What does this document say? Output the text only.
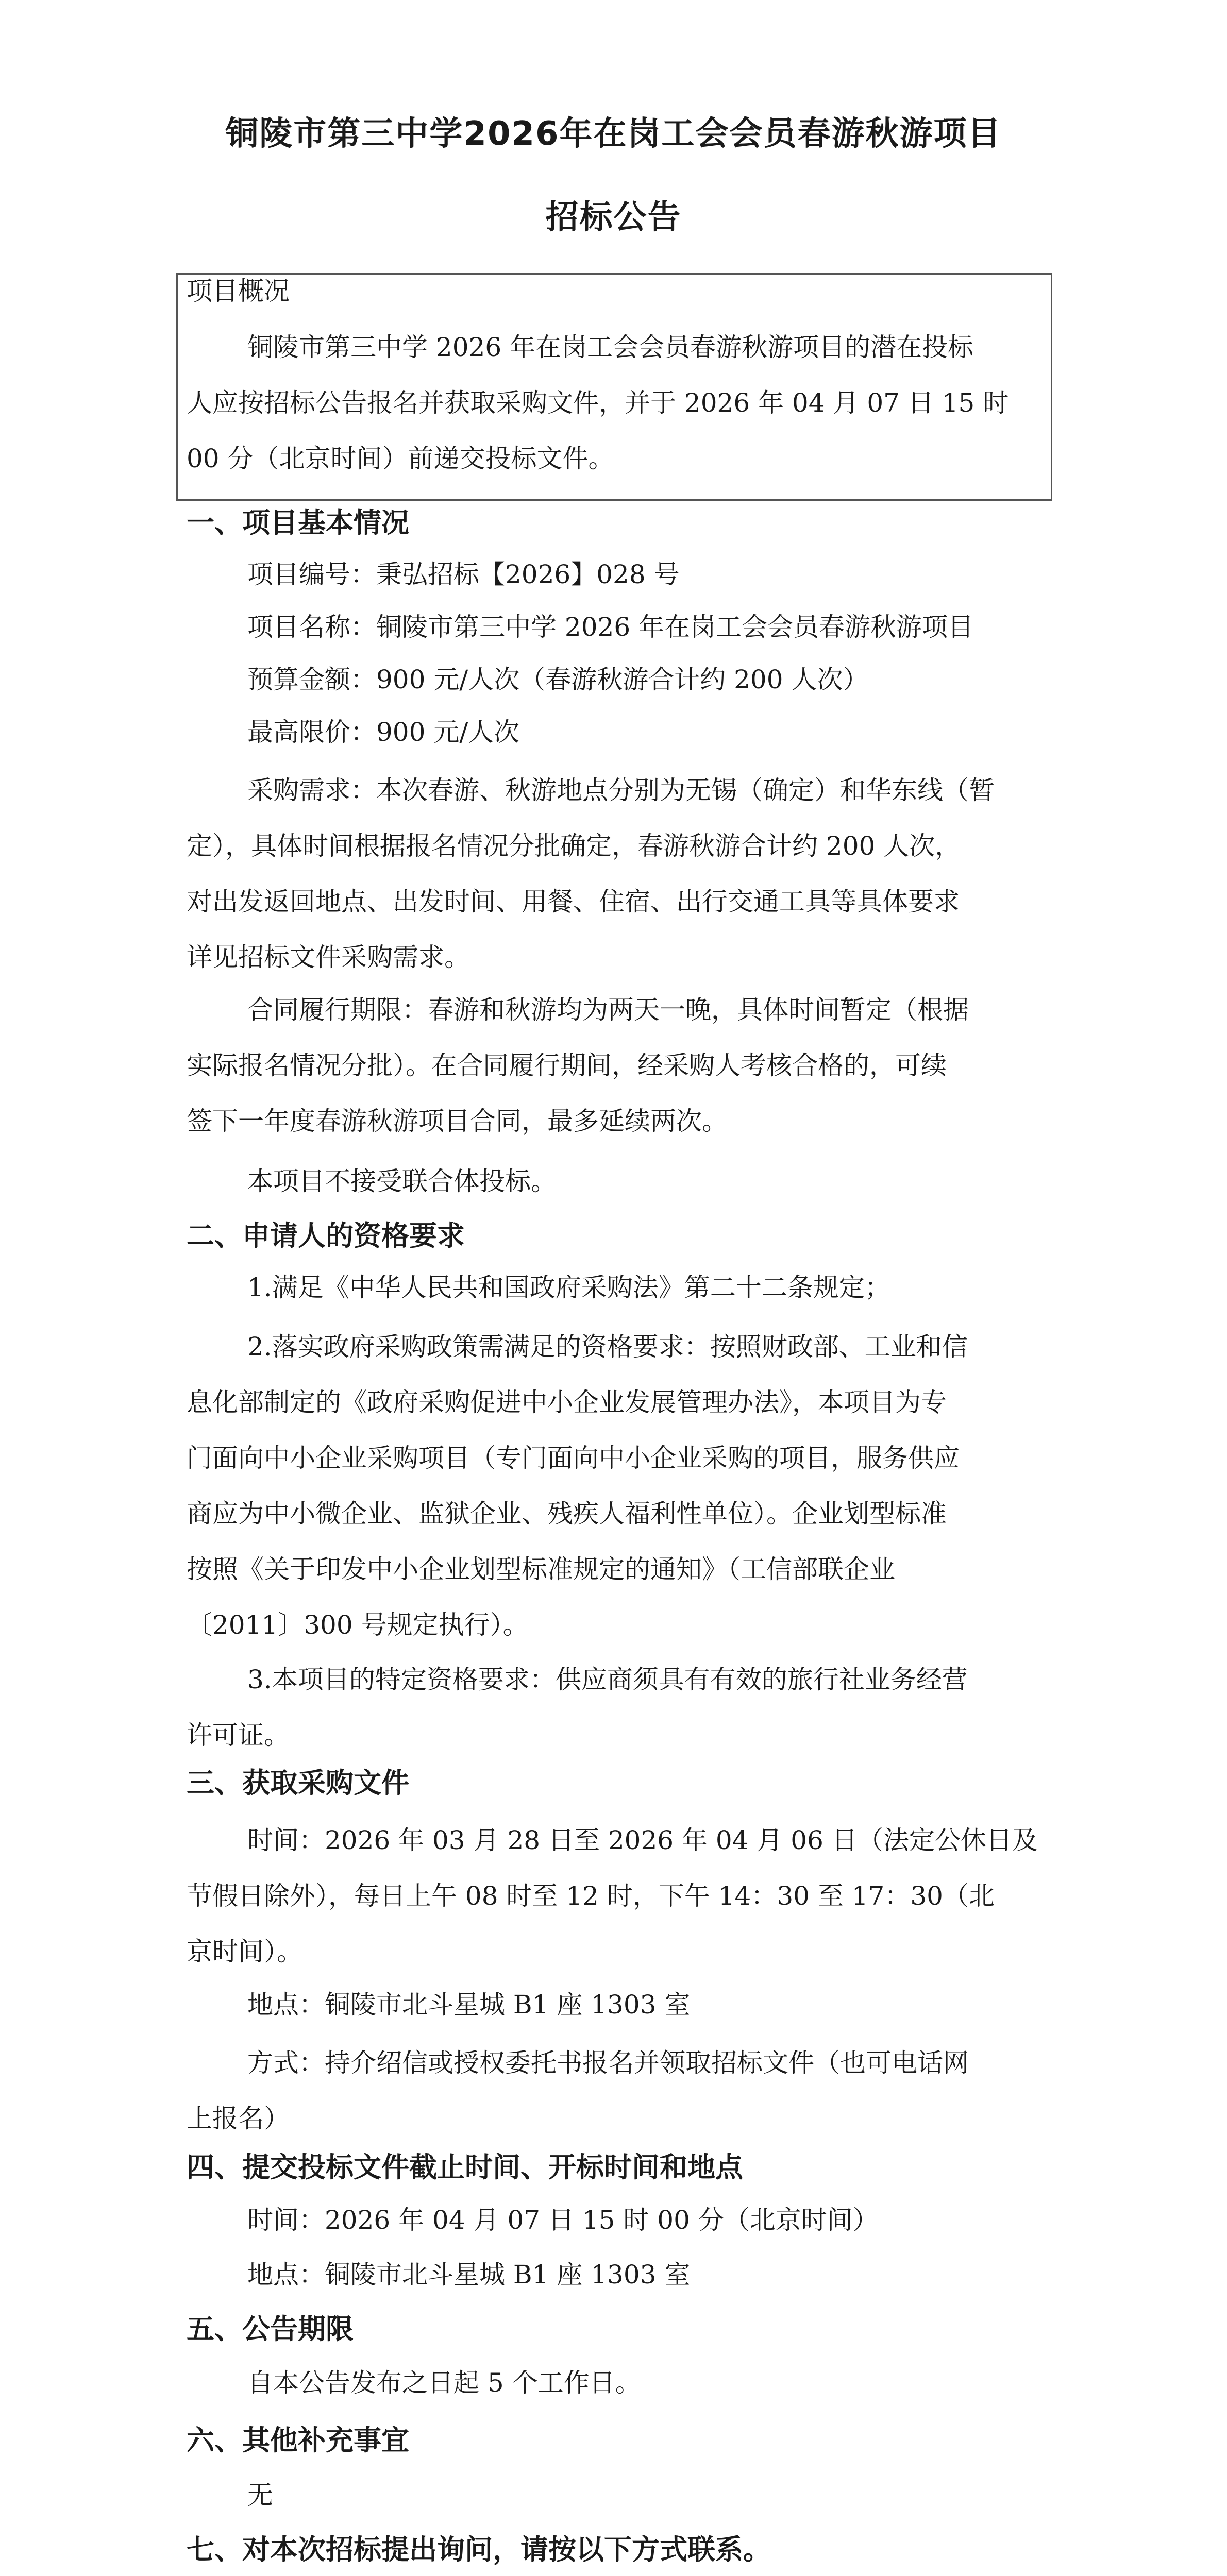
铜陵市第三中学2026年在岗工会会员春游秋游项目
招标公告
项目概况
铜陵市第三中学 2026 年在岗工会会员春游秋游项目的潜在投标
人应按招标公告报名并获取采购文件，并于 2026 年 04 月 07 日 15 时
00 分（北京时间）前递交投标文件。
一、项目基本情况
项目编号：秉弘招标【2026】028 号
项目名称：铜陵市第三中学 2026 年在岗工会会员春游秋游项目
预算金额：900 元/人次（春游秋游合计约 200 人次）
最高限价：900 元/人次
采购需求：本次春游、秋游地点分别为无锡（确定）和华东线（暂
定），具体时间根据报名情况分批确定，春游秋游合计约 200 人次，
对出发返回地点、出发时间、用餐、住宿、出行交通工具等具体要求
详见招标文件采购需求。
合同履行期限：春游和秋游均为两天一晚，具体时间暂定（根据
实际报名情况分批）。在合同履行期间，经采购人考核合格的，可续
签下一年度春游秋游项目合同，最多延续两次。
本项目不接受联合体投标。
二、申请人的资格要求
1.满足《中华人民共和国政府采购法》第二十二条规定；
2.落实政府采购政策需满足的资格要求：按照财政部、工业和信
息化部制定的《政府采购促进中小企业发展管理办法》，本项目为专
门面向中小企业采购项目（专门面向中小企业采购的项目，服务供应
商应为中小微企业、监狱企业、残疾人福利性单位）。企业划型标准
按照《关于印发中小企业划型标准规定的通知》（工信部联企业
〔2011〕300 号规定执行）。
3.本项目的特定资格要求：供应商须具有有效的旅行社业务经营
许可证。
三、获取采购文件
时间：2026 年 03 月 28 日至 2026 年 04 月 06 日（法定公休日及
节假日除外），每日上午 08 时至 12 时，下午 14：30 至 17：30（北
京时间）。
地点：铜陵市北斗星城 B1 座 1303 室
方式：持介绍信或授权委托书报名并领取招标文件（也可电话网
上报名）
四、提交投标文件截止时间、开标时间和地点
时间：2026 年 04 月 07 日 15 时 00 分（北京时间）
地点：铜陵市北斗星城 B1 座 1303 室
五、公告期限
自本公告发布之日起 5 个工作日。
六、其他补充事宜
无
七、对本次招标提出询问，请按以下方式联系。
